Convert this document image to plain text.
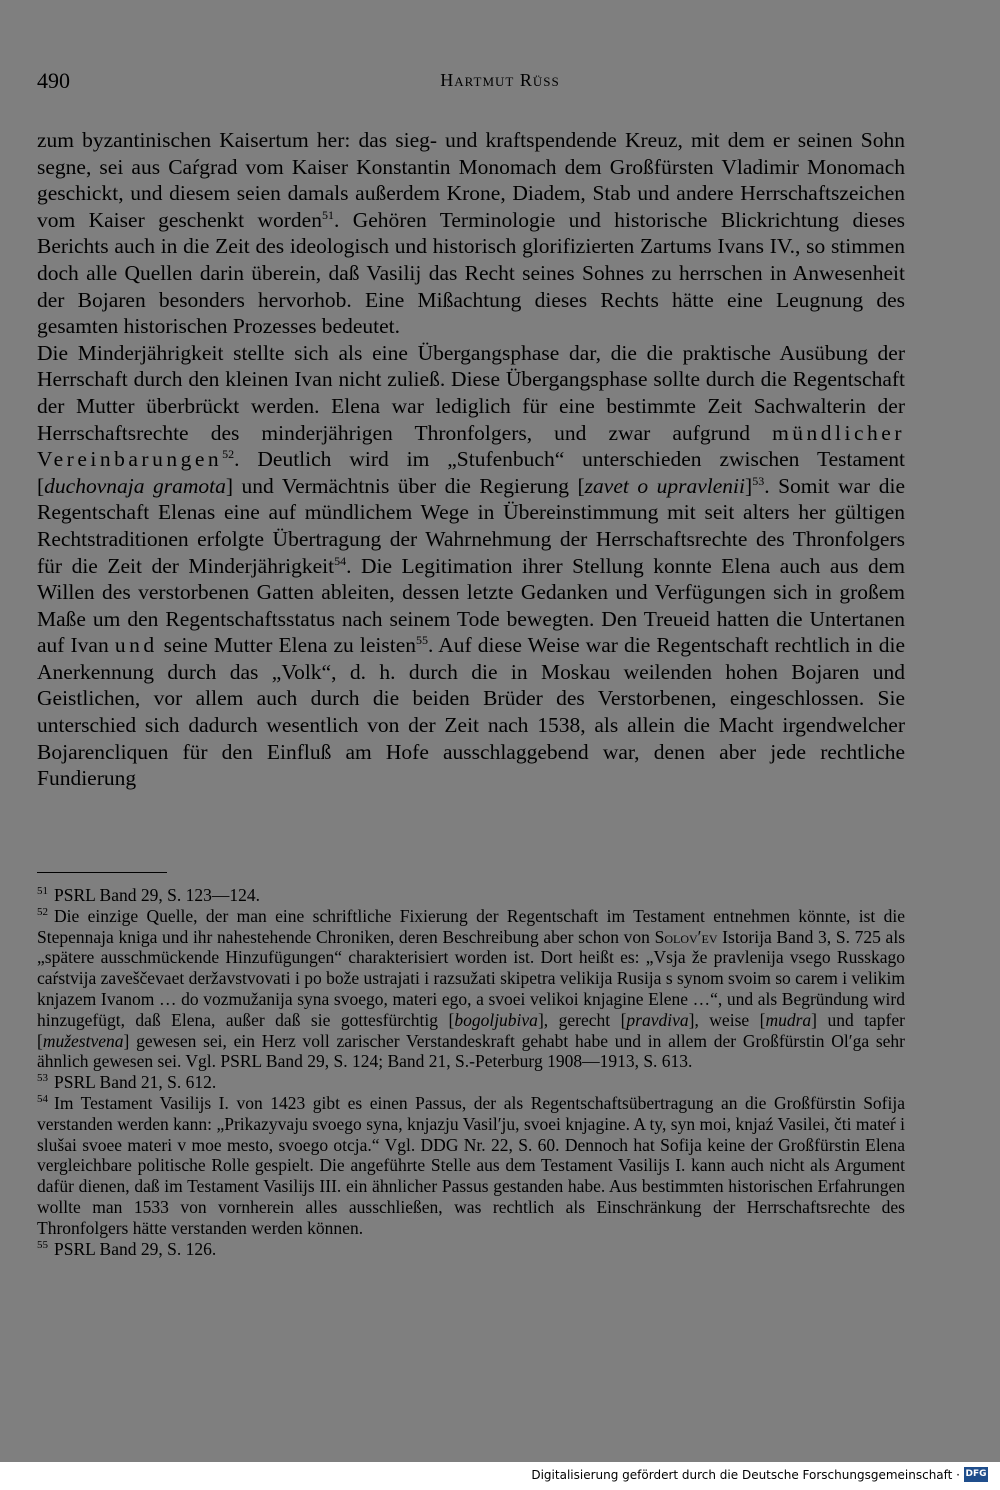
490	Hartmut Rüss

zum byzantinischen Kaisertum her: das sieg- und kraftspendende Kreuz, mit dem er seinen Sohn segne, sei aus Caŕgrad vom Kaiser Konstantin Monomach dem Großfürsten Vladimir Monomach geschickt, und diesem seien damals außerdem Krone, Diadem, Stab und andere Herrschaftszeichen vom Kaiser geschenkt worden$^{51}$. Gehören Terminologie und historische Blickrichtung dieses Berichts auch in die Zeit des ideologisch und historisch glorifizierten Zartums Ivans IV., so stimmen doch alle Quellen darin überein, daß Vasilij das Recht seines Sohnes zu herrschen in Anwesenheit der Bojaren besonders hervorhob. Eine Mißachtung dieses Rechts hätte eine Leugnung des gesamten historischen Prozesses bedeutet.

Die Minderjährigkeit stellte sich als eine Übergangsphase dar, die die praktische Ausübung der Herrschaft durch den kleinen Ivan nicht zuließ. Diese Übergangsphase sollte durch die Regentschaft der Mutter überbrückt werden. Elena war lediglich für eine bestimmte Zeit Sachwalterin der Herrschaftsrechte des minderjährigen Thronfolgers, und zwar aufgrund mündlicher Vereinbarungen$^{52}$. Deutlich wird im „Stufenbuch“ unterschieden zwischen Testament [duchovnaja gramota] und Vermächtnis über die Regierung [zavet o upravlenii]$^{53}$. Somit war die Regentschaft Elenas eine auf mündlichem Wege in Übereinstimmung mit seit alters her gültigen Rechtstraditionen erfolgte Übertragung der Wahrnehmung der Herrschaftsrechte des Thronfolgers für die Zeit der Minderjährigkeit$^{54}$. Die Legitimation ihrer Stellung konnte Elena auch aus dem Willen des verstorbenen Gatten ableiten, dessen letzte Gedanken und Verfügungen sich in großem Maße um den Regentschaftsstatus nach seinem Tode bewegten. Den Treueid hatten die Untertanen auf Ivan und seine Mutter Elena zu leisten$^{55}$. Auf diese Weise war die Regentschaft rechtlich in die Anerkennung durch das „Volk“, d. h. durch die in Moskau weilenden hohen Bojaren und Geistlichen, vor allem auch durch die beiden Brüder des Verstorbenen, eingeschlossen. Sie unterschied sich dadurch wesentlich von der Zeit nach 1538, als allein die Macht irgendwelcher Bojarencliquen für den Einfluß am Hofe ausschlaggebend war, denen aber jede rechtliche Fundierung

$^{51}$ PSRL Band 29, S. 123—124.

$^{52}$ Die einzige Quelle, der man eine schriftliche Fixierung der Regentschaft im Testament entnehmen könnte, ist die Stepennaja kniga und ihr nahestehende Chroniken, deren Beschreibung aber schon von Solov′ev Istorija Band 3, S. 725 als „spätere ausschmückende Hinzufügungen“ charakterisiert worden ist. Dort heißt es: „Vsja že pravlenija vsego Russkago caŕstvija zaveščevaet deržavstvovati i po bože ustrajati i razsužati skipetra velikija Rusija s synom svoim so carem i velikim knjazem Ivanom … do vozmužanija syna svoego, materi ego, a svoei velikoi knjagine Elene …“, und als Begründung wird hinzugefügt, daß Elena, außer daß sie gottesfürchtig [bogoljubiva], gerecht [pravdiva], weise [mudra] und tapfer [mužestvena] gewesen sei, ein Herz voll zarischer Verstandeskraft gehabt habe und in allem der Großfürstin Ol′ga sehr ähnlich gewesen sei. Vgl. PSRL Band 29, S. 124; Band 21, S.-Peterburg 1908—1913, S. 613.

$^{53}$ PSRL Band 21, S. 612.

$^{54}$ Im Testament Vasilijs I. von 1423 gibt es einen Passus, der als Regentschaftsübertragung an die Großfürstin Sofija verstanden werden kann: „Prikazyvaju svoego syna, knjazju Vasil′ju, svoei knjagine. A ty, syn moi, knjaź Vasilei, čti mateŕ i slušai svoee materi v moe mesto, svoego otcja.“ Vgl. DDG Nr. 22, S. 60. Dennoch hat Sofija keine der Großfürstin Elena vergleichbare politische Rolle gespielt. Die angeführte Stelle aus dem Testament Vasilijs I. kann auch nicht als Argument dafür dienen, daß im Testament Vasilijs III. ein ähnlicher Passus gestanden habe. Aus bestimmten historischen Erfahrungen wollte man 1533 von vornherein alles ausschließen, was rechtlich als Einschränkung der Herrschaftsrechte des Thronfolgers hätte verstanden werden können.

$^{55}$ PSRL Band 29, S. 126.

Digitalisierung gefördert durch die Deutsche Forschungsgemeinschaft · DFG
